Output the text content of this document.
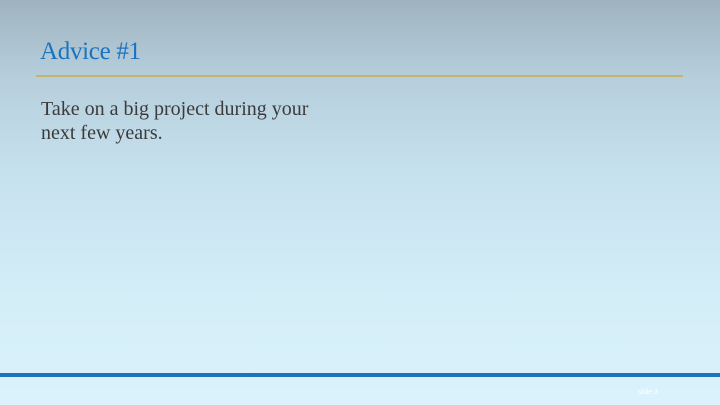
Advice #1

Take on a big project during your next few years.

slide 3
